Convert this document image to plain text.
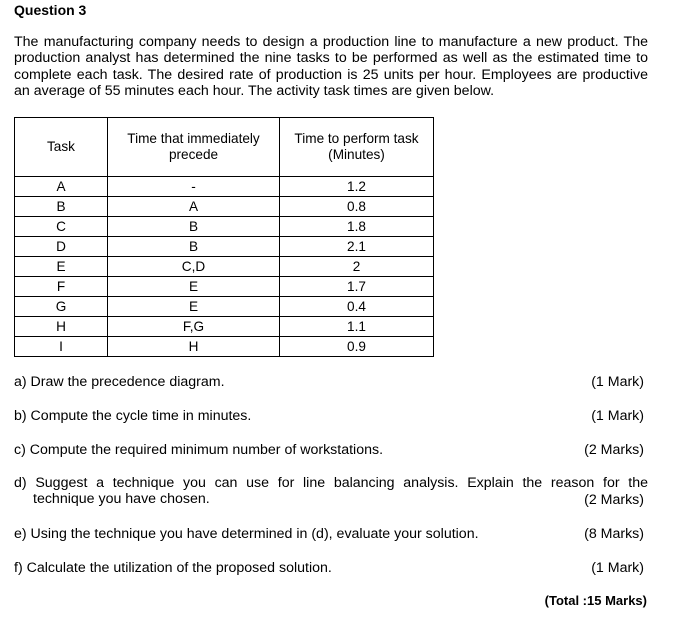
Question 3
The manufacturing company needs to design a production line to manufacture a new product. The production analyst has determined the nine tasks to be performed as well as the estimated time to complete each task. The desired rate of production is 25 units per hour. Employees are productive an average of 55 minutes each hour. The activity task times are given below.
Task	Time that immediately precede	Time to perform task (Minutes)
A	-	1.2
B	A	0.8
C	B	1.8
D	B	2.1
E	C,D	2
F	E	1.7
G	E	0.4
H	F,G	1.1
I	H	0.9
a) Draw the precedence diagram.	(1 Mark)
b) Compute the cycle time in minutes.	(1 Mark)
c) Compute the required minimum number of workstations.	(2 Marks)
d) Suggest a technique you can use for line balancing analysis. Explain the reason for the
technique you have chosen.	(2 Marks)
e) Using the technique you have determined in (d), evaluate your solution.	(8 Marks)
f) Calculate the utilization of the proposed solution.	(1 Mark)
(Total :15 Marks)
